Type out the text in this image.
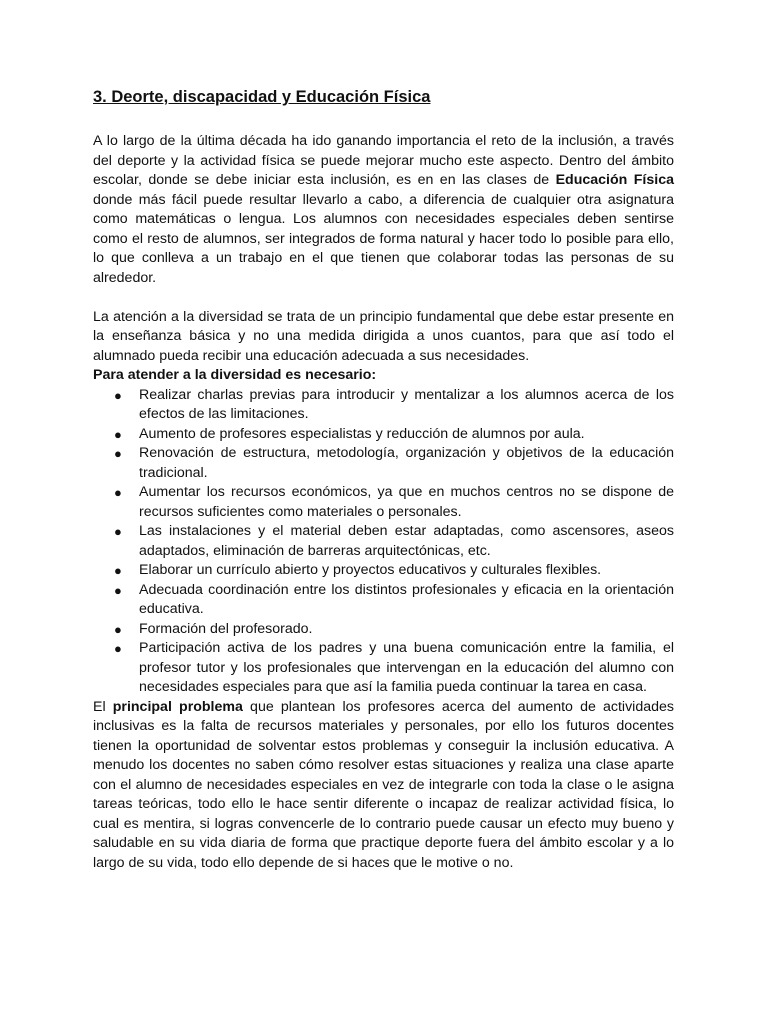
3. Deorte, discapacidad y Educación Física

A lo largo de la última década ha ido ganando importancia el reto de la inclusión, a través del deporte y la actividad física se puede mejorar mucho este aspecto. Dentro del ámbito escolar, donde se debe iniciar esta inclusión, es en en las clases de Educación Física donde más fácil puede resultar llevarlo a cabo, a diferencia de cualquier otra asignatura como matemáticas o lengua. Los alumnos con necesidades especiales deben sentirse como el resto de alumnos, ser integrados de forma natural y hacer todo lo posible para ello, lo que conlleva a un trabajo en el que tienen que colaborar todas las personas de su alrededor.

La atención a la diversidad se trata de un principio fundamental que debe estar presente en la enseñanza básica y no una medida dirigida a unos cuantos, para que así todo el alumnado pueda recibir una educación adecuada a sus necesidades.

Para atender a la diversidad es necesario:

● Realizar charlas previas para introducir y mentalizar a los alumnos acerca de los efectos de las limitaciones.
● Aumento de profesores especialistas y reducción de alumnos por aula.
● Renovación de estructura, metodología, organización y objetivos de la educación tradicional.
● Aumentar los recursos económicos, ya que en muchos centros no se dispone de recursos suficientes como materiales o personales.
● Las instalaciones y el material deben estar adaptadas, como ascensores, aseos adaptados, eliminación de barreras arquitectónicas, etc.
● Elaborar un currículo abierto y proyectos educativos y culturales flexibles.
● Adecuada coordinación entre los distintos profesionales y eficacia en la orientación educativa.
● Formación del profesorado.
● Participación activa de los padres y una buena comunicación entre la familia, el profesor tutor y los profesionales que intervengan en la educación del alumno con necesidades especiales para que así la familia pueda continuar la tarea en casa.

El principal problema que plantean los profesores acerca del aumento de actividades inclusivas es la falta de recursos materiales y personales, por ello los futuros docentes tienen la oportunidad de solventar estos problemas y conseguir la inclusión educativa. A menudo los docentes no saben cómo resolver estas situaciones y realiza una clase aparte con el alumno de necesidades especiales en vez de integrarle con toda la clase o le asigna tareas teóricas, todo ello le hace sentir diferente o incapaz de realizar actividad física, lo cual es mentira, si logras convencerle de lo contrario puede causar un efecto muy bueno y saludable en su vida diaria de forma que practique deporte fuera del ámbito escolar y a lo largo de su vida, todo ello depende de si haces que le motive o no.
